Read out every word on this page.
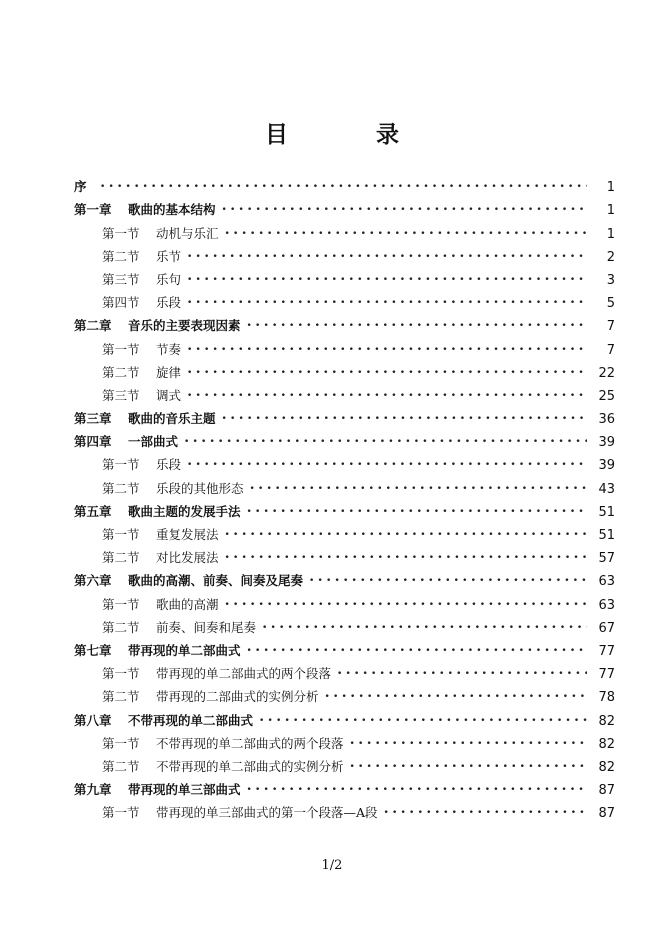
目 录
序 •••••	1
第一章	歌曲的基本结构 •••••	1
第一节	动机与乐汇 •••••	1
第二节	乐节 •••••	2
第三节	乐句 •••••	3
第四节	乐段 •••••	5
第二章	音乐的主要表现因素 •••••	7
第一节	节奏 •••••	7
第二节	旋律 •••••	22
第三节	调式 •••••	25
第三章	歌曲的音乐主题 •••••	36
第四章	一部曲式 •••••	39
第一节	乐段 •••••	39
第二节	乐段的其他形态 •••••	43
第五章	歌曲主题的发展手法 •••••	51
第一节	重复发展法 •••••	51
第二节	对比发展法 •••••	57
第六章	歌曲的高潮、前奏、间奏及尾奏 •••••	63
第一节	歌曲的高潮 •••••	63
第二节	前奏、间奏和尾奏 •••••	67
第七章	带再现的单二部曲式 •••••	77
第一节	带再现的单二部曲式的两个段落 •••••	77
第二节	带再现的二部曲式的实例分析 •••••	78
第八章	不带再现的单二部曲式 •••••	82
第一节	不带再现的单二部曲式的两个段落 •••••	82
第二节	不带再现的单二部曲式的实例分析 •••••	82
第九章	带再现的单三部曲式 •••••	87
第一节	带再现的单三部曲式的第一个段落—A段 •••••	87
1/2
